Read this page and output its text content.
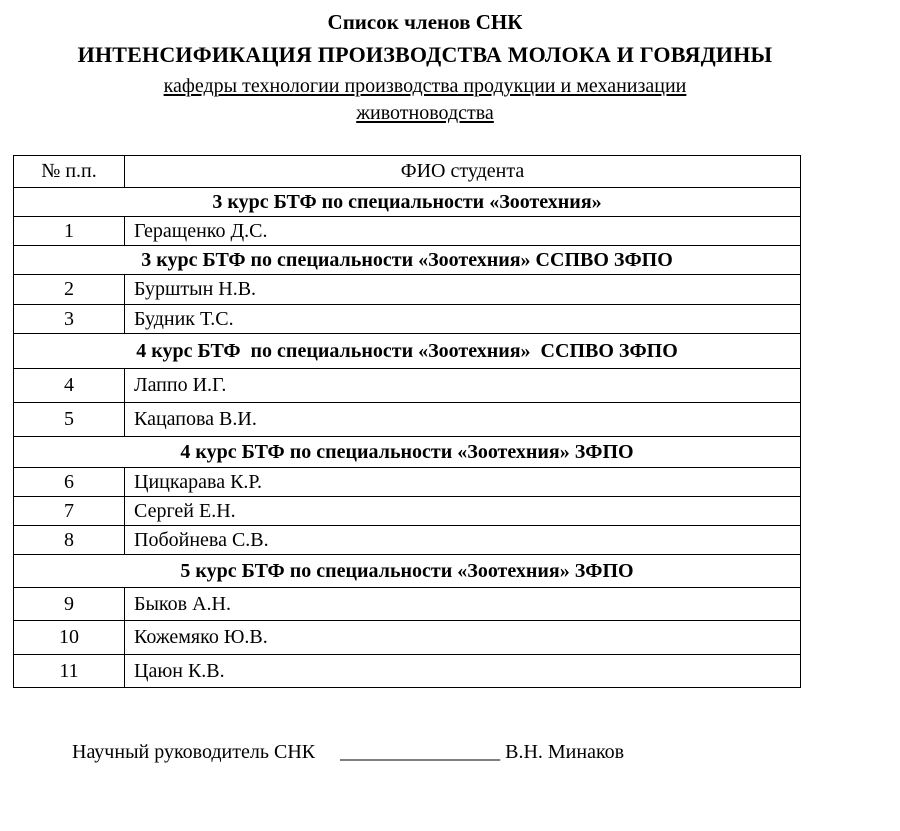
Список членов СНК
ИНТЕНСИФИКАЦИЯ ПРОИЗВОДСТВА МОЛОКА И ГОВЯДИНЫ
кафедры технологии производства продукции и механизации
животноводства
№ п.п.	ФИО студента
3 курс БТФ по специальности «Зоотехния»	
1	Геращенко Д.С.
3 курс БТФ по специальности «Зоотехния» ССПВО ЗФПО	
2	Бурштын Н.В.
3	Будник Т.С.
4 курс БТФ  по специальности «Зоотехния»  ССПВО ЗФПО	
4	Лаппо И.Г.
5	Кацапова В.И.
4 курс БТФ по специальности «Зоотехния» ЗФПО	
6	Цицкарава К.Р.
7	Сергей Е.Н.
8	Побойнева С.В.
5 курс БТФ по специальности «Зоотехния» ЗФПО	
9	Быков А.Н.
10	Кожемяко Ю.В.
11	Цаюн К.В.
Научный руководитель СНК ________________ В.Н. Минаков
